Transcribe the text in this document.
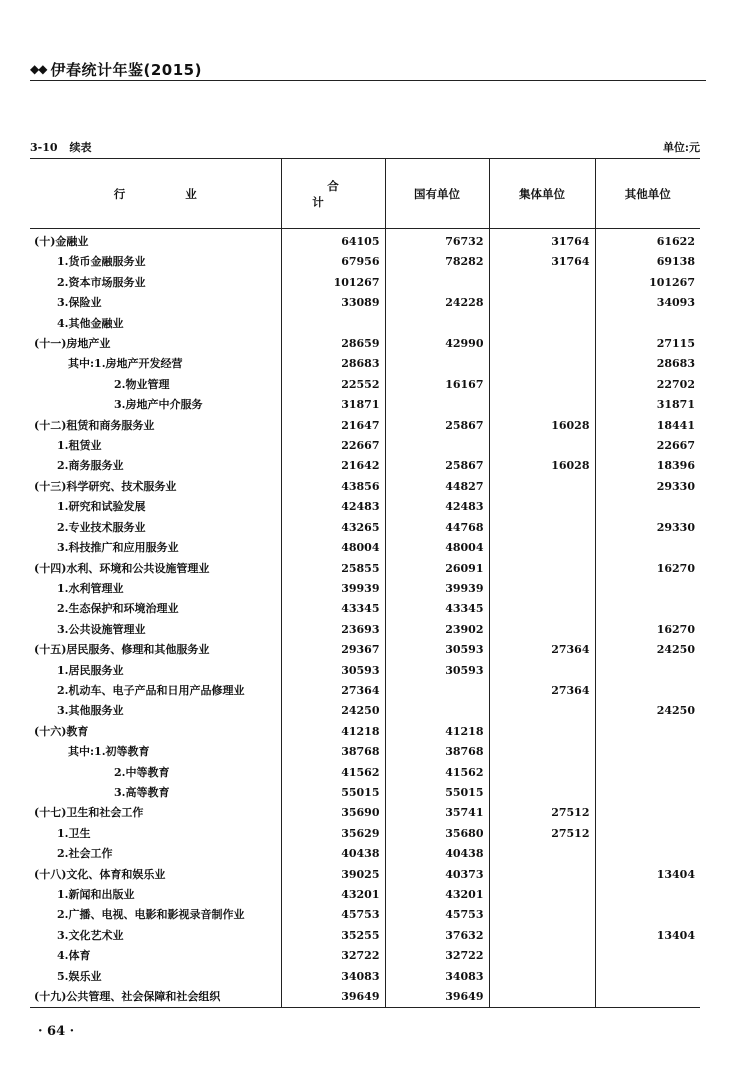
◆◆ 伊春统计年鉴(2015)
3-10 续表	单位:元
行 业	合 计	国有单位	集体单位	其他单位
(十)金融业	64105	76732	31764	61622
1.货币金融服务业	67956	78282	31764	69138
2.资本市场服务业	101267			101267
3.保险业	33089	24228		34093
4.其他金融业				
(十一)房地产业	28659	42990		27115
其中:1.房地产开发经营	28683			28683
2.物业管理	22552	16167		22702
3.房地产中介服务	31871			31871
(十二)租赁和商务服务业	21647	25867	16028	18441
1.租赁业	22667			22667
2.商务服务业	21642	25867	16028	18396
(十三)科学研究、技术服务业	43856	44827		29330
1.研究和试验发展	42483	42483		
2.专业技术服务业	43265	44768		29330
3.科技推广和应用服务业	48004	48004		
(十四)水利、环境和公共设施管理业	25855	26091		16270
1.水利管理业	39939	39939		
2.生态保护和环境治理业	43345	43345		
3.公共设施管理业	23693	23902		16270
(十五)居民服务、修理和其他服务业	29367	30593	27364	24250
1.居民服务业	30593	30593		
2.机动车、电子产品和日用产品修理业	27364		27364	
3.其他服务业	24250			24250
(十六)教育	41218	41218		
其中:1.初等教育	38768	38768		
2.中等教育	41562	41562		
3.高等教育	55015	55015		
(十七)卫生和社会工作	35690	35741	27512	
1.卫生	35629	35680	27512	
2.社会工作	40438	40438		
(十八)文化、体育和娱乐业	39025	40373		13404
1.新闻和出版业	43201	43201		
2.广播、电视、电影和影视录音制作业	45753	45753		
3.文化艺术业	35255	37632		13404
4.体育	32722	32722		
5.娱乐业	34083	34083		
(十九)公共管理、社会保障和社会组织	39649	39649		
· 64 ·
